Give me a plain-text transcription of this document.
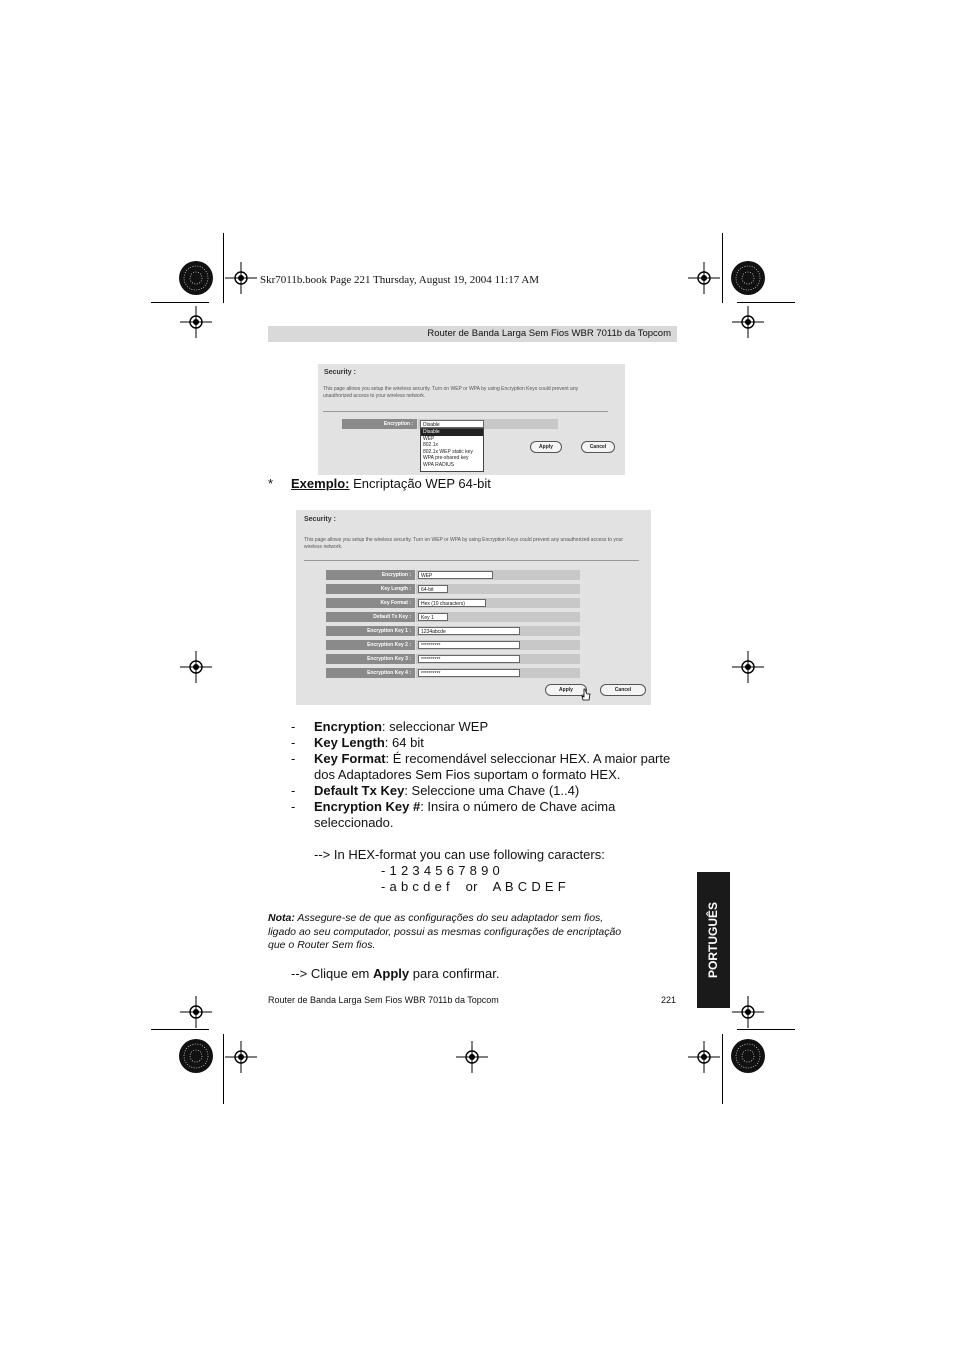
Skr7011b.book Page 221 Thursday, August 19, 2004 11:17 AM
Router de Banda Larga Sem Fios WBR 7011b da Topcom
Security :
This page allows you setup the wireless security. Turn on WEP or WPA by using Encryption Keys could prevent any unauthorized access to your wireless network.
Encryption :	Disable
Disable
WEP
802.1x
802.1x WEP static key
WPA pre-shared key
WPA RADIUS
Apply	Cancel
* Exemplo: Encriptação WEP 64-bit
Security :
This page allows you setup the wireless security. Turn on WEP or WPA by using Encryption Keys could prevent any unauthorized access to your wireless network.
Encryption :	WEP
Key Length :	64-bit
Key Format :	Hex (10 characters)
Default Tx Key :	Key 1
Encryption Key 1 :	1234abcde
Encryption Key 2 :	**********
Encryption Key 3 :	**********
Encryption Key 4 :	**********
Apply	Cancel
- Encryption: seleccionar WEP
- Key Length: 64 bit
- Key Format: É recomendável seleccionar HEX. A maior parte
dos Adaptadores Sem Fios suportam o formato HEX.
- Default Tx Key: Seleccione uma Chave (1..4)
- Encryption Key #: Insira o número de Chave acima
seleccionado.
--> In HEX-format you can use following caracters:
- 1 2 3 4 5 6 7 8 9 0
- a b c d e f    or    A B C D E F
Nota: Assegure-se de que as configurações do seu adaptador sem fios,
ligado ao seu computador, possui as mesmas configurações de encriptação
que o Router Sem fios.
--> Clique em Apply para confirmar.
Router de Banda Larga Sem Fios WBR 7011b da Topcom	221
PORTUGUÊS
